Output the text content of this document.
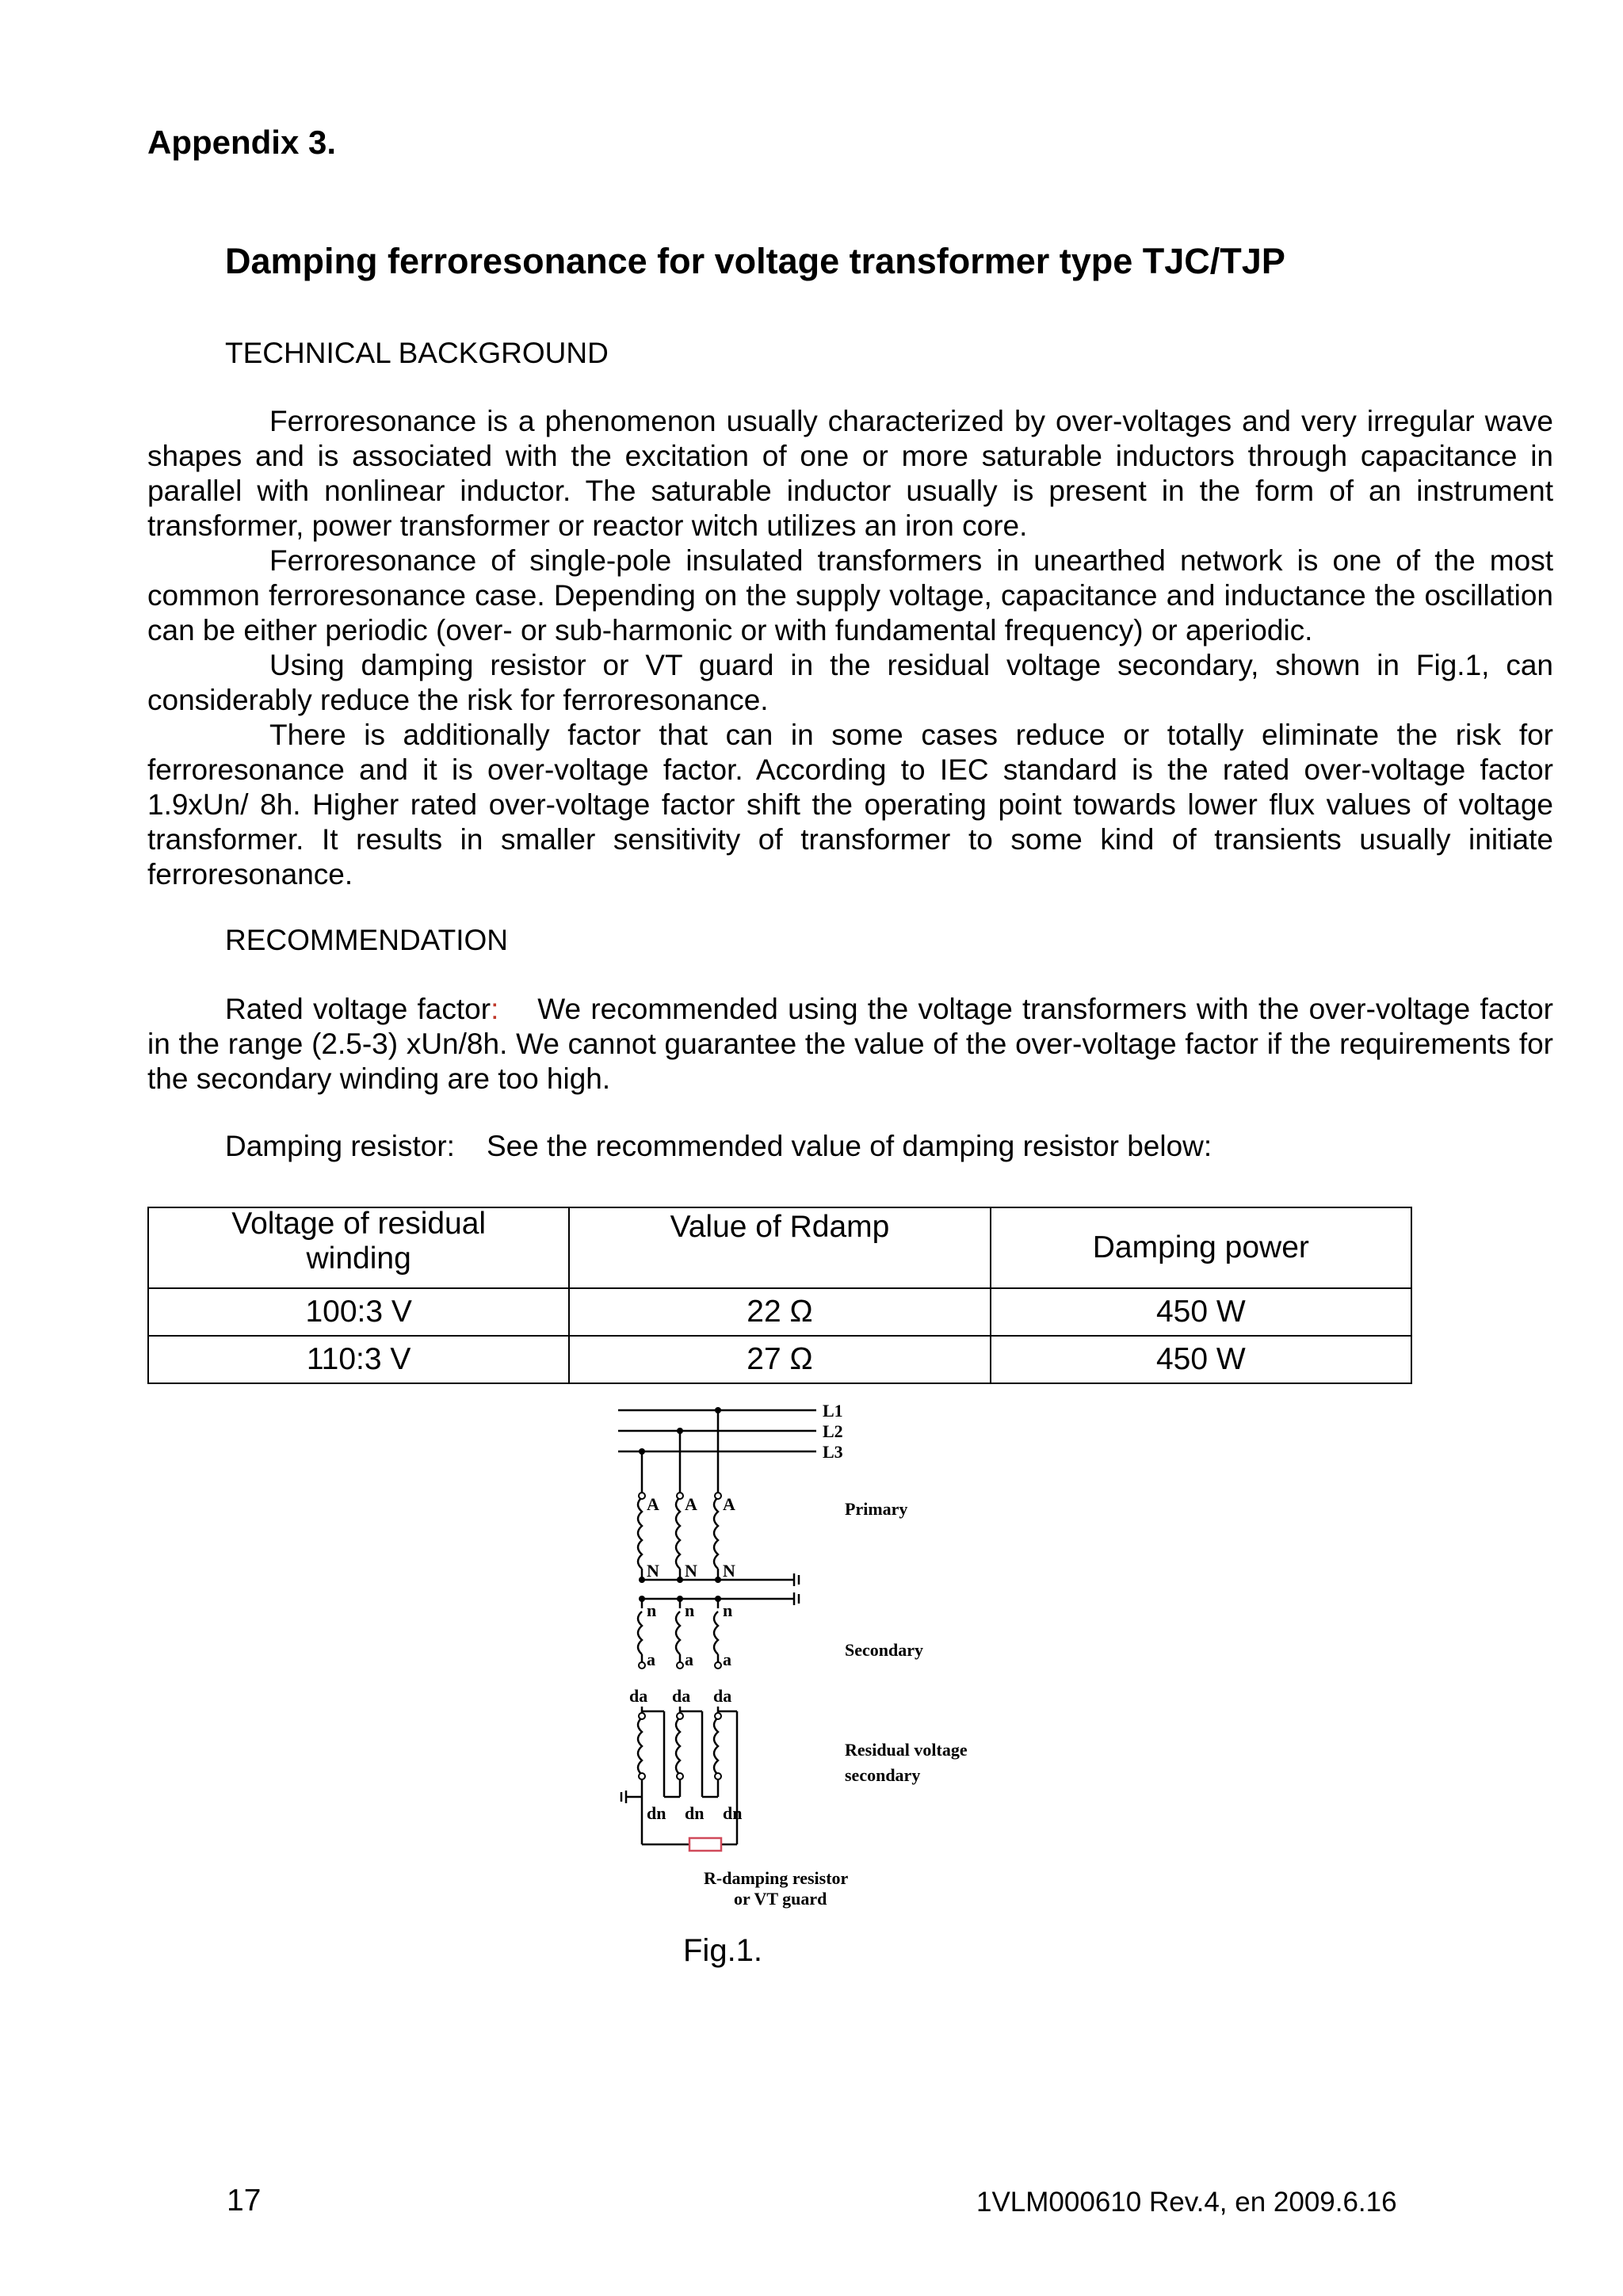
Appendix 3.
Damping ferroresonance for voltage transformer type TJC/TJP
TECHNICAL BACKGROUND

Ferroresonance is a phenomenon usually characterized by over-voltages and very irregular wave shapes and is associated with the excitation of one or more saturable inductors through capacitance in parallel with nonlinear inductor. The saturable inductor usually is present in the form of an instrument transformer, power transformer or reactor witch utilizes an iron core.

Ferroresonance of single-pole insulated transformers in unearthed network is one of the most common ferroresonance case. Depending on the supply voltage, capacitance and inductance the oscillation can be either periodic (over- or sub-harmonic or with fundamental frequency) or aperiodic.

Using damping resistor or VT guard in the residual voltage secondary, shown in Fig.1, can considerably reduce the risk for ferroresonance.

There is additionally factor that can in some cases reduce or totally eliminate the risk for ferroresonance and it is over-voltage factor. According to IEC standard is the rated over-voltage factor 1.9xUn/ 8h. Higher rated over-voltage factor shift the operating point towards lower flux values of voltage transformer. It results in smaller sensitivity of transformer to some kind of transients usually initiate ferroresonance.

RECOMMENDATION
Rated voltage factor: We recommended using the voltage transformers with the over-voltage factor in the range (2.5-3) xUn/8h. We cannot guarantee the value of the over-voltage factor if the requirements for the secondary winding are too high.
Damping resistor: See the recommended value of damping resistor below:
Voltage of residual winding	Value of Rdamp	Damping power
100:3 V	22 Ω	450 W
110:3 V	27 Ω	450 W
L1
L2
L3
A A A
N N N
Primary
n n n
a a a	Secondary
da da da
dn dn dn
Residual voltage
secondary
R-damping resistor
or VT guard
Fig.1.
17	1VLM000610 Rev.4, en 2009.6.16
